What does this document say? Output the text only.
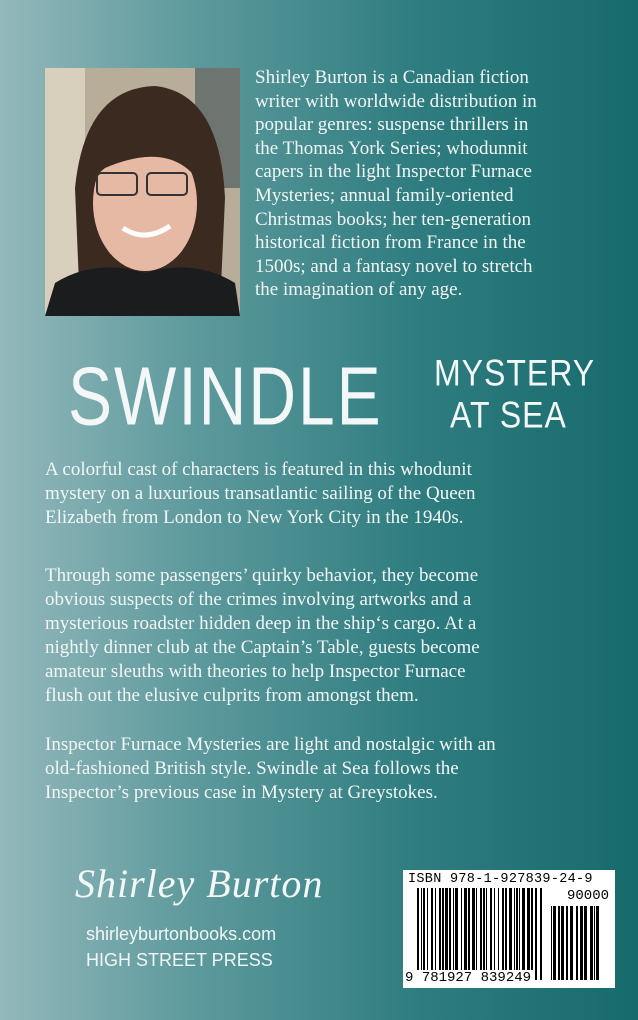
Shirley Burton is a Canadian fiction
writer with worldwide distribution in
popular genres: suspense thrillers in
the Thomas York Series; whodunnit
capers in the light Inspector Furnace
Mysteries; annual family-oriented
Christmas books; her ten-generation
historical fiction from France in the
1500s; and a fantasy novel to stretch
the imagination of any age.
SWINDLE MYSTERY
AT SEA
A colorful cast of characters is featured in this whodunit
mystery on a luxurious transatlantic sailing of the Queen
Elizabeth from London to New York City in the 1940s.
Through some passengers’ quirky behavior, they become
obvious suspects of the crimes involving artworks and a
mysterious roadster hidden deep in the ship‘s cargo. At a
nightly dinner club at the Captain’s Table, guests become
amateur sleuths with theories to help Inspector Furnace
flush out the elusive culprits from amongst them.
Inspector Furnace Mysteries are light and nostalgic with an
old-fashioned British style. Swindle at Sea follows the
Inspector’s previous case in Mystery at Greystokes.
Shirley Burton
shirleyburtonbooks.com
HIGH STREET PRESS
ISBN 978-1-927839-24-9
90000
9 781927 839249
